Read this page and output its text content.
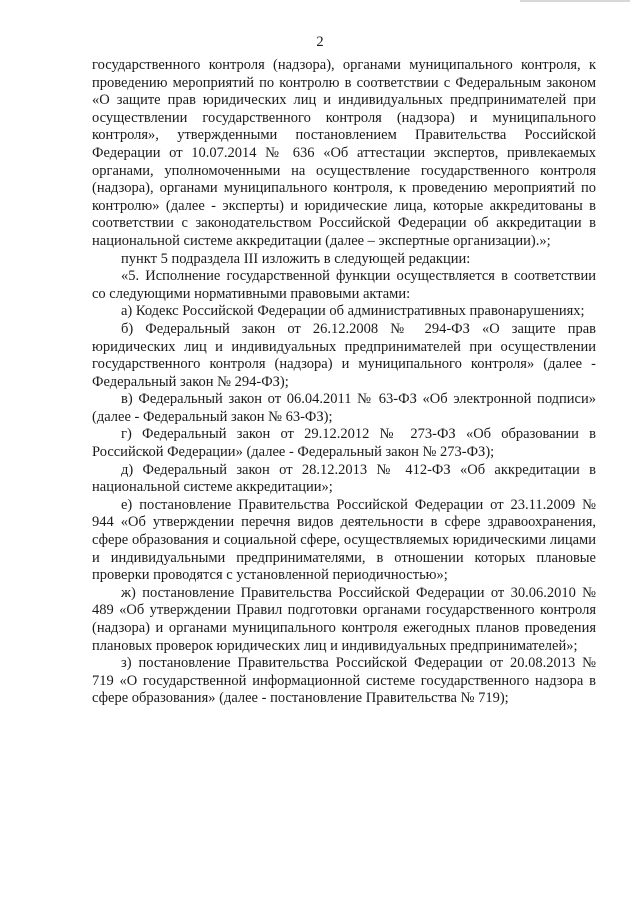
2

государственного контроля (надзора), органами муниципального контроля, к проведению мероприятий по контролю в соответствии с Федеральным законом «О защите прав юридических лиц и индивидуальных предпринимателей при осуществлении государственного контроля (надзора) и муниципального контроля», утвержденными постановлением Правительства Российской Федерации от 10.07.2014 № 636 «Об аттестации экспертов, привлекаемых органами, уполномоченными на осуществление государственного контроля (надзора), органами муниципального контроля, к проведению мероприятий по контролю» (далее - эксперты) и юридические лица, которые аккредитованы в соответствии с законодательством Российской Федерации об аккредитации в национальной системе аккредитации (далее – экспертные организации).»;

пункт 5 подраздела III изложить в следующей редакции:

«5. Исполнение государственной функции осуществляется в соответствии со следующими нормативными правовыми актами:

а) Кодекс Российской Федерации об административных правонарушениях;

б) Федеральный закон от 26.12.2008 № 294-ФЗ «О защите прав юридических лиц и индивидуальных предпринимателей при осуществлении государственного контроля (надзора) и муниципального контроля» (далее - Федеральный закон № 294-ФЗ);

в) Федеральный закон от 06.04.2011 № 63-ФЗ «Об электронной подписи» (далее - Федеральный закон № 63-ФЗ);

г) Федеральный закон от 29.12.2012 № 273-ФЗ «Об образовании в Российской Федерации» (далее - Федеральный закон № 273-ФЗ);

д) Федеральный закон от 28.12.2013 № 412-ФЗ «Об аккредитации в национальной системе аккредитации»;

е) постановление Правительства Российской Федерации от 23.11.2009 № 944 «Об утверждении перечня видов деятельности в сфере здравоохранения, сфере образования и социальной сфере, осуществляемых юридическими лицами и индивидуальными предпринимателями, в отношении которых плановые проверки проводятся с установленной периодичностью»;

ж) постановление Правительства Российской Федерации от 30.06.2010 № 489 «Об утверждении Правил подготовки органами государственного контроля (надзора) и органами муниципального контроля ежегодных планов проведения плановых проверок юридических лиц и индивидуальных предпринимателей»;

з) постановление Правительства Российской Федерации от 20.08.2013 № 719 «О государственной информационной системе государственного надзора в сфере образования» (далее - постановление Правительства № 719);
